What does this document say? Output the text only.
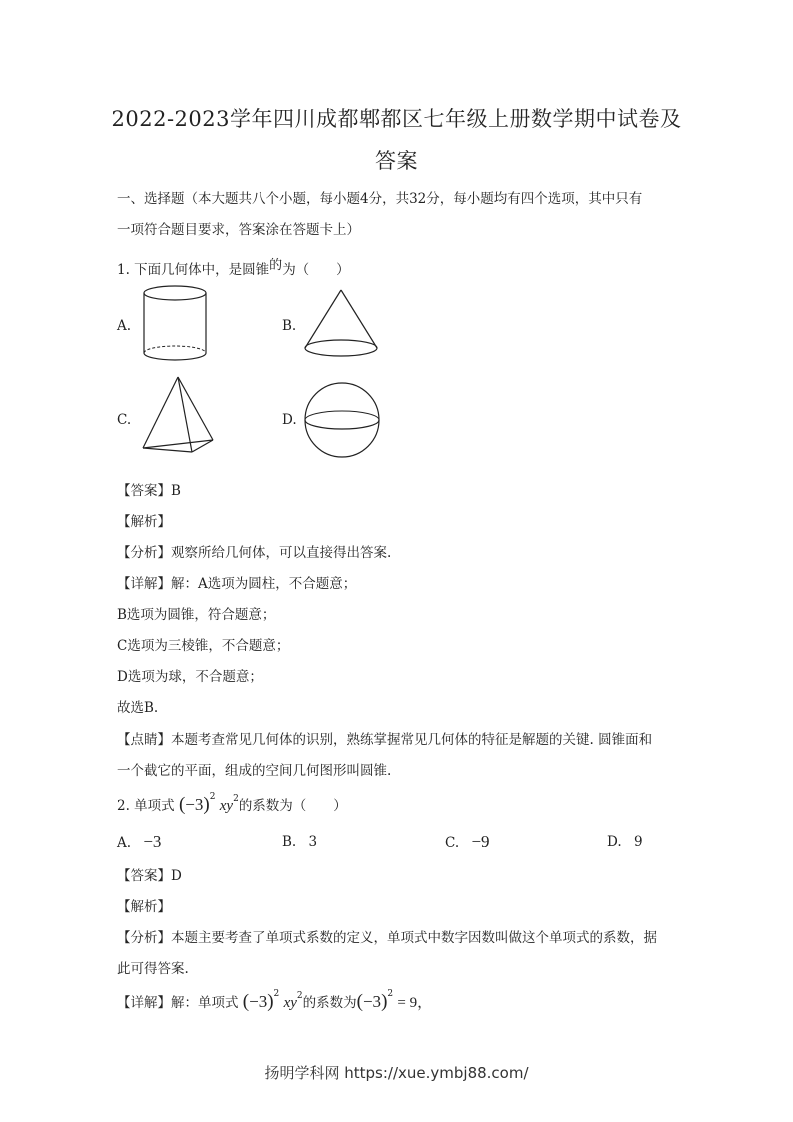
2022-2023学年四川成都郫都区七年级上册数学期中试卷及
答案
一、选择题（本大题共八个小题，每小题4分，共32分，每小题均有四个选项，其中只有
一项符合题目要求，答案涂在答题卡上）
1. 下面几何体中，是圆锥的为（　　）
A.	B.
C.	D.
【答案】B
【解析】
【分析】观察所给几何体，可以直接得出答案.
【详解】解：A选项为圆柱，不合题意；
B选项为圆锥，符合题意；
C选项为三棱锥，不合题意；
D选项为球，不合题意；
故选B.
【点睛】本题考查常见几何体的识别，熟练掌握常见几何体的特征是解题的关键. 圆锥面和
一个截它的平面，组成的空间几何图形叫圆锥.
2. 单项式 $(-3)^2$ $xy^2$的系数为（　　）
A. −3	B. 3	C. −9	D. 9
【答案】D
【解析】
【分析】本题主要考查了单项式系数的定义，单项式中数字因数叫做这个单项式的系数，据
此可得答案.
【详解】解：单项式 $(-3)^2$ $xy^2$的系数为$(-3)^2 = 9$，
扬明学科网 https://xue.ymbj88.com/
